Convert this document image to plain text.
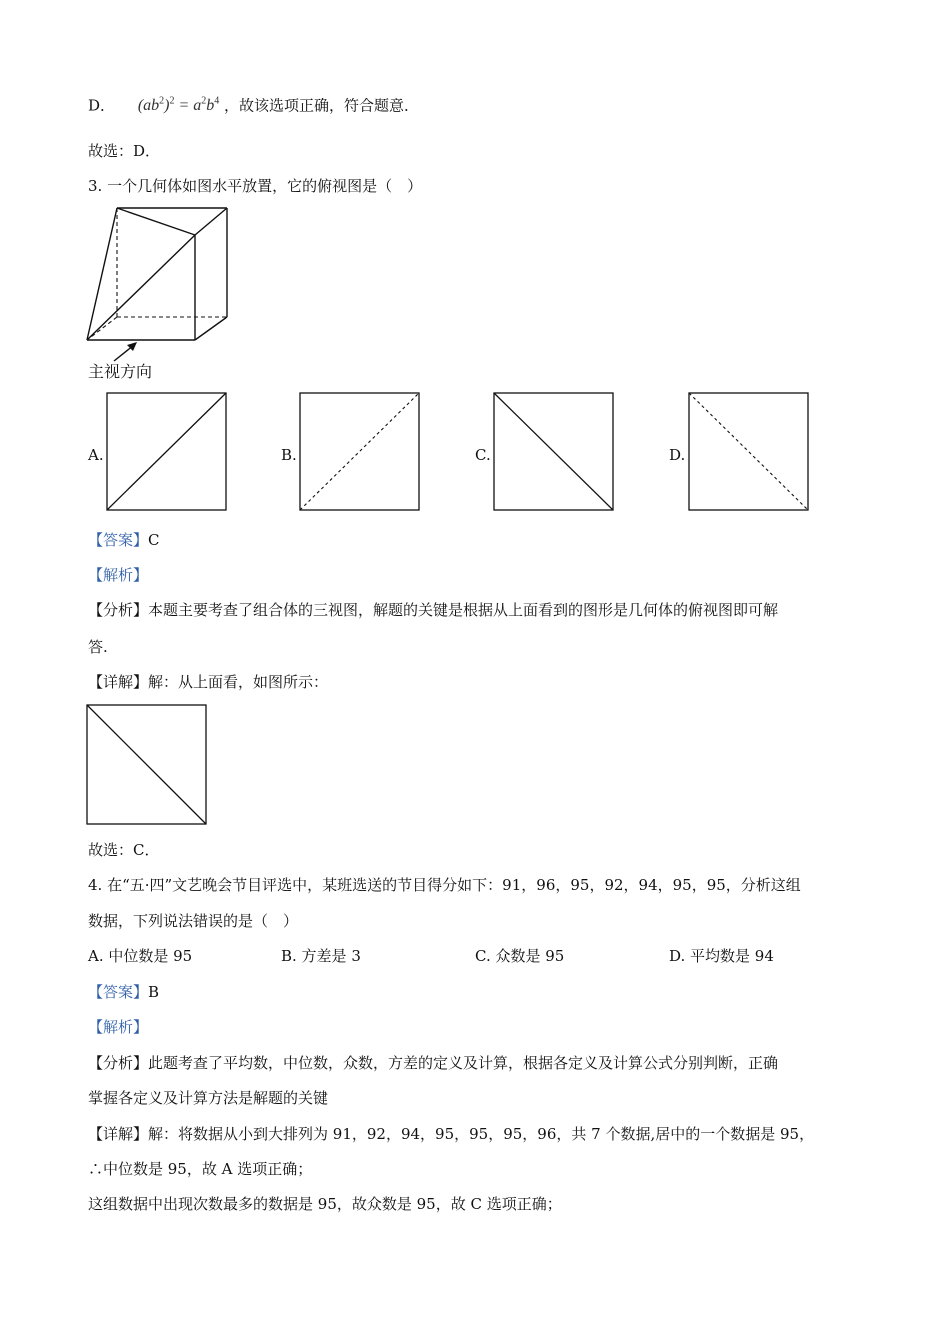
D． $(ab^2)^2 = a^2b^4$ ，故该选项正确，符合题意．
故选：D．
3. 一个几何体如图水平放置，它的俯视图是（　）
主视方向
A.	B.	C.	D.
【答案】C
【解析】
【分析】本题主要考查了组合体的三视图，解题的关键是根据从上面看到的图形是几何体的俯视图即可解
答.
【详解】解：从上面看，如图所示：
故选：C．
4. 在“五·四”文艺晚会节目评选中，某班选送的节目得分如下：91，96，95，92，94，95，95，分析这组
数据，下列说法错误的是（　）
A. 中位数是 95	B. 方差是 3	C. 众数是 95	D. 平均数是 94
【答案】B
【解析】
【分析】此题考查了平均数，中位数，众数，方差的定义及计算，根据各定义及计算公式分别判断，正确
掌握各定义及计算方法是解题的关键
【详解】解：将数据从小到大排列为 91，92，94，95，95，95，96，共 7 个数据,居中的一个数据是 95，
∴中位数是 95，故 A 选项正确；
这组数据中出现次数最多的数据是 95，故众数是 95，故 C 选项正确；
